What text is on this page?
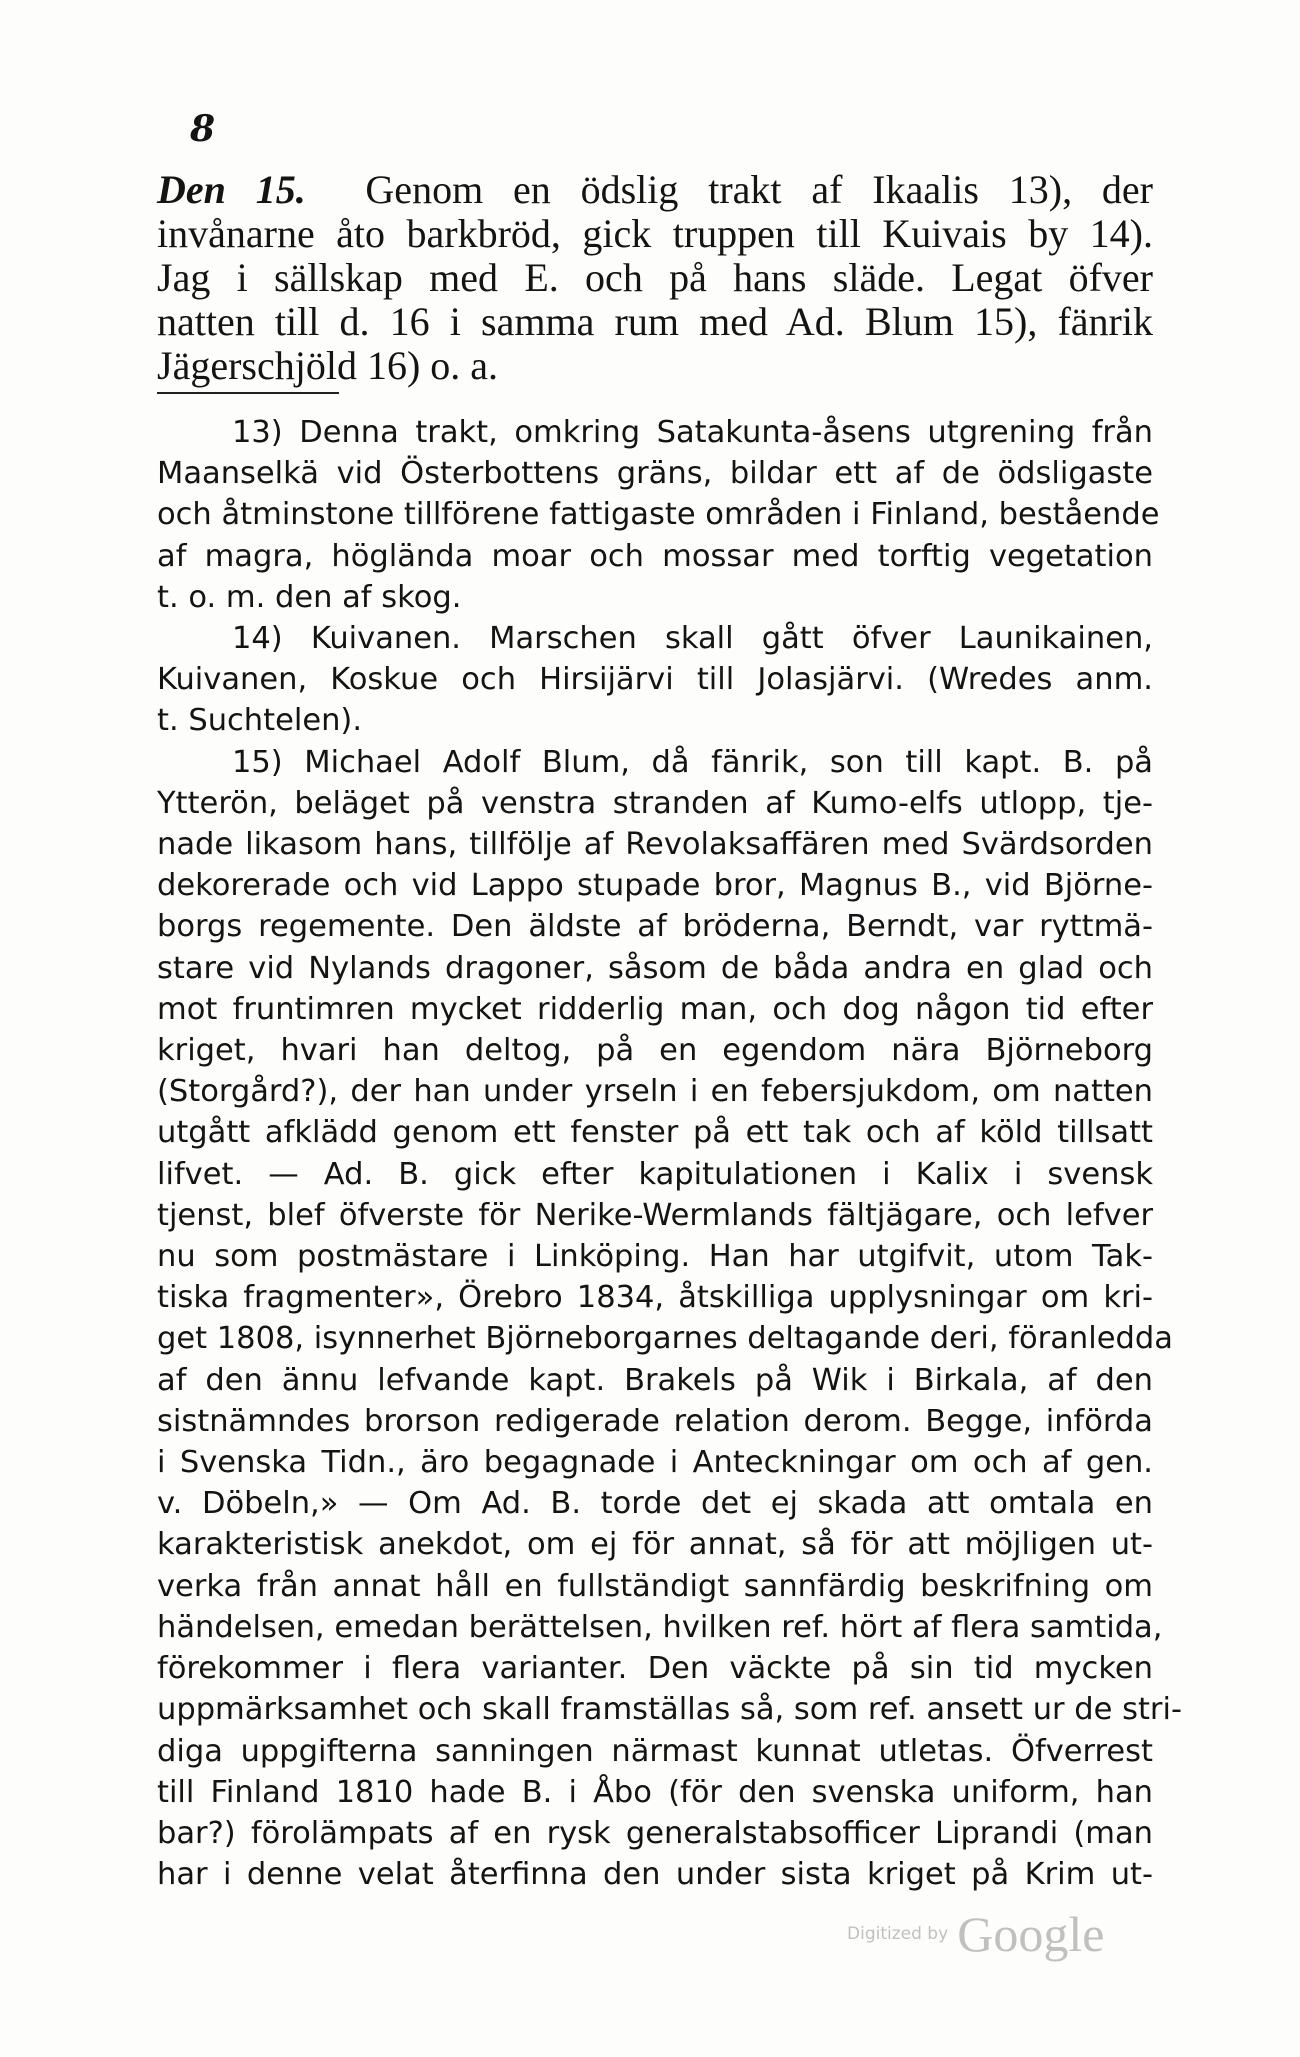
8
Den 15. Genom en ödslig trakt af Ikaalis 13), der
invånarne åto barkbröd, gick truppen till Kuivais by 14).
Jag i sällskap med E. och på hans släde. Legat öfver
natten till d. 16 i samma rum med Ad. Blum 15), fänrik
Jägerschjöld 16) o. a.
13) Denna trakt, omkring Satakunta-åsens utgrening från
Maanselkä vid Österbottens gräns, bildar ett af de ödsligaste
och åtminstone tillförene fattigaste områden i Finland, bestående
af magra, högländа moar och mossar med torftig vegetation
t. o. m. den af skog.
14) Kuivanen. Marschen skall gått öfver Launikainen,
Kuivanen, Koskue och Hirsijärvi till Jolasjärvi. (Wredes anm.
t. Suchtelen).
15) Michael Adolf Blum, då fänrik, son till kapt. B. på
Ytterön, beläget på venstra stranden af Kumo-elfs utlopp, tje-
nade likasom hans, tillfölje af Revolaksaffären med Svärdsorden
dekorerade och vid Lappo stupade bror, Magnus B., vid Björne-
borgs regemente. Den äldste af bröderna, Berndt, var ryttmä-
stare vid Nylands dragoner, såsom de båda andra en glad och
mot fruntimren mycket ridderlig man, och dog någon tid efter
kriget, hvari han deltog, på en egendom nära Björneborg
(Storgård?), der han under yrseln i en febersjukdom, om natten
utgått afklädd genom ett fenster på ett tak och af köld tillsatt
lifvet. — Ad. B. gick efter kapitulationen i Kalix i svensk
tjenst, blef öfverste för Nerike-Wermlands fältjägare, och lefver
nu som postmästare i Linköping. Han har utgifvit, utom Tak-
tiska fragmenter», Örebro 1834, åtskilliga upplysningar om kri-
get 1808, isynnerhet Björneborgarnes deltagande deri, föranledda
af den ännu lefvande kapt. Brakels på Wik i Birkala, af den
sistnämndes brorson redigerade relation derom. Begge, införda
i Svenska Tidn., äro begagnade i Anteckningar om och af gen.
v. Döbeln,» — Om Ad. B. torde det ej skada att omtala en
karakteristisk anekdot, om ej för annat, så för att möjligen ut-
verka från annat håll en fullständigt sannfärdig beskrifning om
händelsen, emedan berättelsen, hvilken ref. hört af flera samtida,
förekommer i flera varianter. Den väckte på sin tid mycken
uppmärksamhet och skall framställas så, som ref. ansett ur de stri-
diga uppgifterna sanningen närmast kunnat utletas. Öfverrest
till Finland 1810 hade B. i Åbo (för den svenska uniform, han
bar?) förolämpats af en rysk generalstabsofficer Liprandi (man
har i denne velat återfinna den under sista kriget på Krim ut-
Digitized by Google
